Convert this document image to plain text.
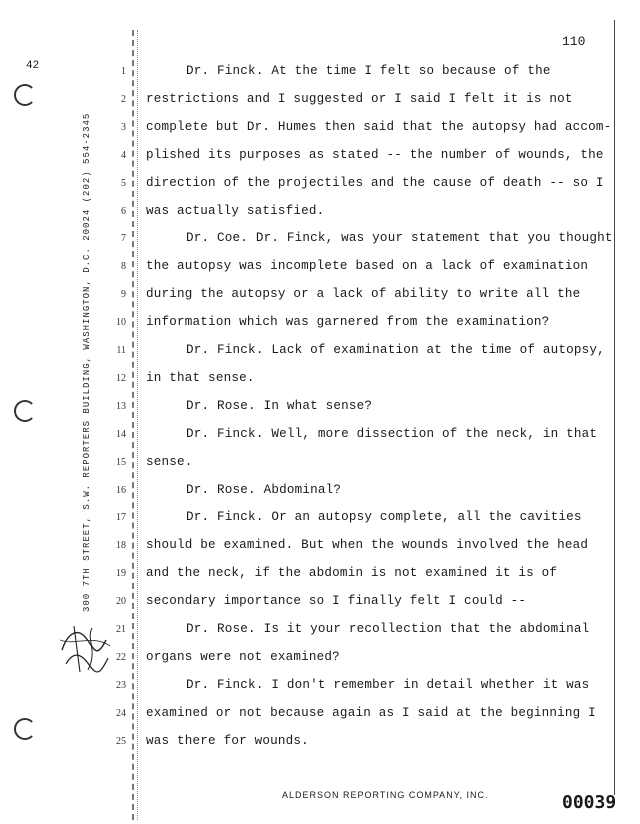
110
42
300 7TH STREET, S.W. REPORTERS BUILDING, WASHINGTON, D.C. 20024 (202) 554-2345
1	Dr. Finck. At the time I felt so because of the
2 restrictions and I suggested or I said I felt it is not
3 complete but Dr. Humes then said that the autopsy had accom-
4 plished its purposes as stated -- the number of wounds, the
5 direction of the projectiles and the cause of death -- so I
6 was actually satisfied.
7	Dr. Coe. Dr. Finck, was your statement that you thought
8 the autopsy was incomplete based on a lack of examination
9 during the autopsy or a lack of ability to write all the
10 information which was garnered from the examination?
11	Dr. Finck. Lack of examination at the time of autopsy,
12 in that sense.
13	Dr. Rose. In what sense?
14	Dr. Finck. Well, more dissection of the neck, in that
15 sense.
16	Dr. Rose. Abdominal?
17	Dr. Finck. Or an autopsy complete, all the cavities
18 should be examined. But when the wounds involved the head
19 and the neck, if the abdomin is not examined it is of
20 secondary importance so I finally felt I could --
21	Dr. Rose. Is it your recollection that the abdominal
22 organs were not examined?
23	Dr. Finck. I don't remember in detail whether it was
24 examined or not because again as I said at the beginning I
25 was there for wounds.
ALDERSON REPORTING COMPANY, INC.	00039
